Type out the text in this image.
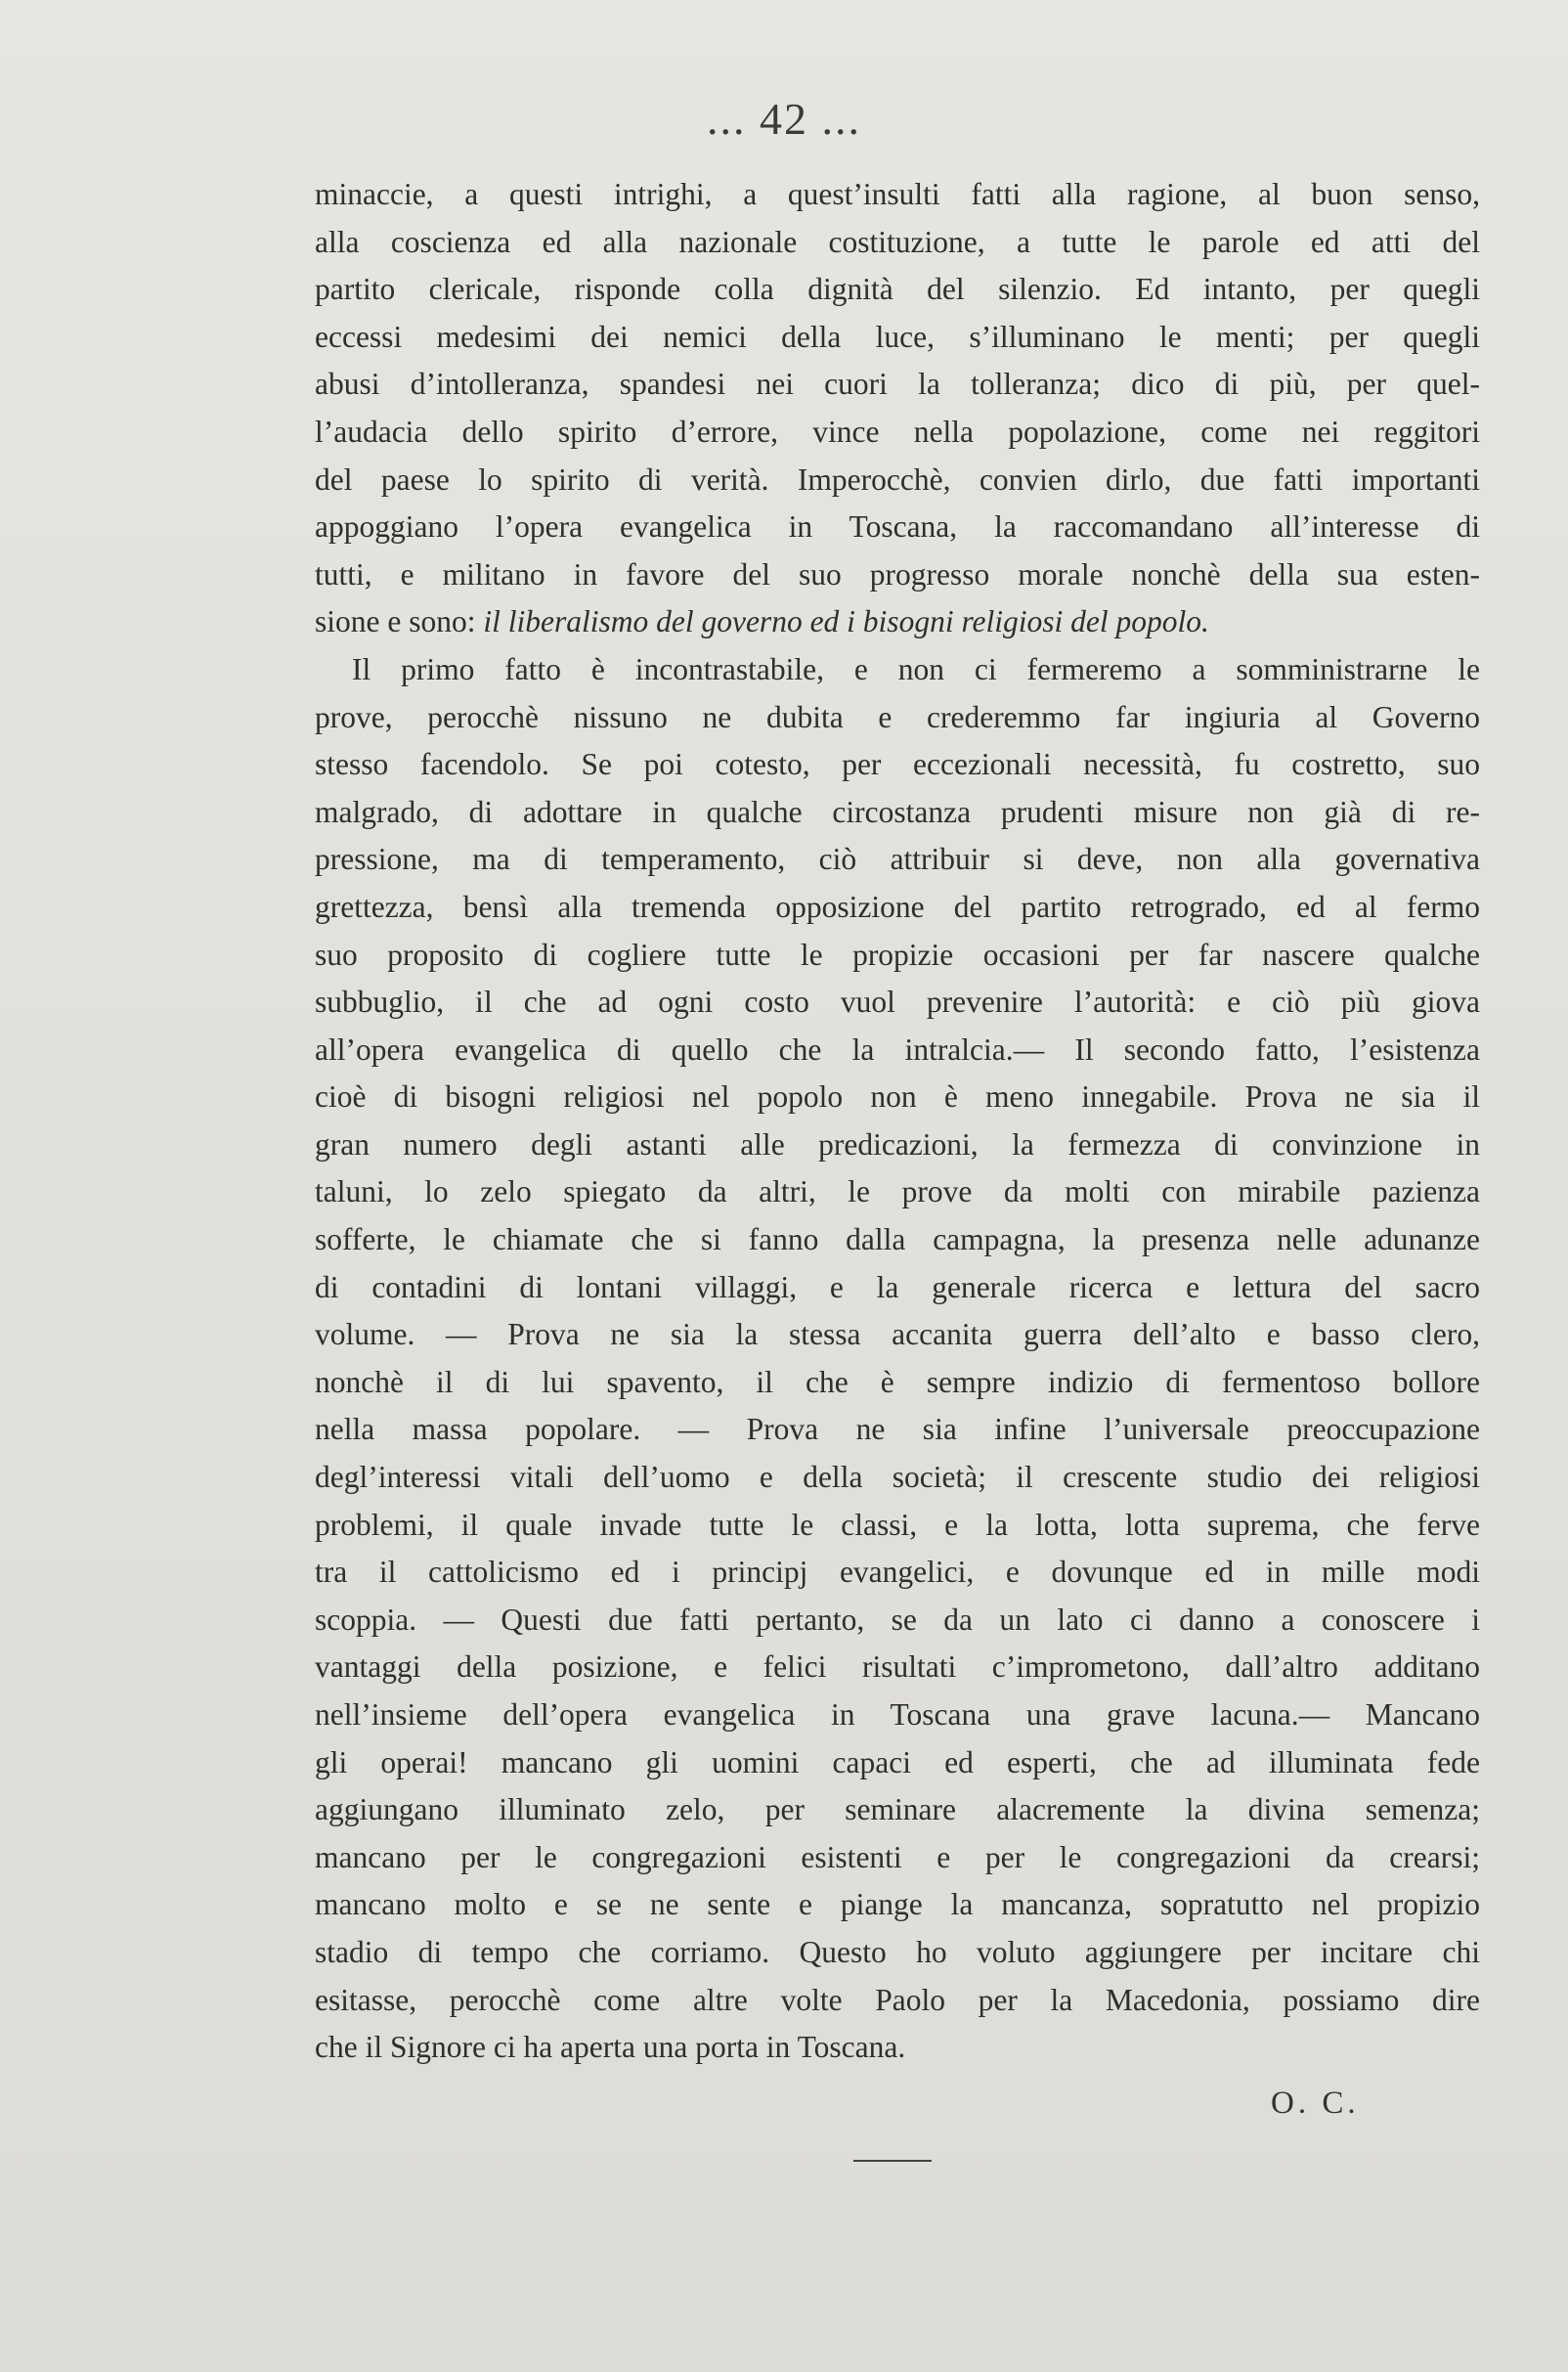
... 42 ...
minaccie, a questi intrighi, a quest’insulti fatti alla ragione, al buon senso,
alla coscienza ed alla nazionale costituzione, a tutte le parole ed atti del
partito clericale, risponde colla dignità del silenzio. Ed intanto, per quegli
eccessi medesimi dei nemici della luce, s’illuminano le menti; per quegli
abusi d’intolleranza, spandesi nei cuori la tolleranza; dico di più, per quel-
l’audacia dello spirito d’errore, vince nella popolazione, come nei reggitori
del paese lo spirito di verità. Imperocchè, convien dirlo, due fatti importanti
appoggiano l’opera evangelica in Toscana, la raccomandano all’interesse di
tutti, e militano in favore del suo progresso morale nonchè della sua esten-
sione e sono: il liberalismo del governo ed i bisogni religiosi del popolo.
Il primo fatto è incontrastabile, e non ci fermeremo a somministrarne le
prove, perocchè nissuno ne dubita e crederemmo far ingiuria al Governo
stesso facendolo. Se poi cotesto, per eccezionali necessità, fu costretto, suo
malgrado, di adottare in qualche circostanza prudenti misure non già di re-
pressione, ma di temperamento, ciò attribuir si deve, non alla governativa
grettezza, bensì alla tremenda opposizione del partito retrogrado, ed al fermo
suo proposito di cogliere tutte le propizie occasioni per far nascere qualche
subbuglio, il che ad ogni costo vuol prevenire l’autorità: e ciò più giova
all’opera evangelica di quello che la intralcia.— Il secondo fatto, l’esistenza
cioè di bisogni religiosi nel popolo non è meno innegabile. Prova ne sia il
gran numero degli astanti alle predicazioni, la fermezza di convinzione in
taluni, lo zelo spiegato da altri, le prove da molti con mirabile pazienza
sofferte, le chiamate che si fanno dalla campagna, la presenza nelle adunanze
di contadini di lontani villaggi, e la generale ricerca e lettura del sacro
volume. — Prova ne sia la stessa accanita guerra dell’alto e basso clero,
nonchè il di lui spavento, il che è sempre indizio di fermentoso bollore
nella massa popolare. — Prova ne sia infine l’universale preoccupazione
degl’interessi vitali dell’uomo e della società; il crescente studio dei religiosi
problemi, il quale invade tutte le classi, e la lotta, lotta suprema, che ferve
tra il cattolicismo ed i principj evangelici, e dovunque ed in mille modi
scoppia. — Questi due fatti pertanto, se da un lato ci danno a conoscere i
vantaggi della posizione, e felici risultati c’imprometono, dall’altro additano
nell’insieme dell’opera evangelica in Toscana una grave lacuna.— Mancano
gli operai! mancano gli uomini capaci ed esperti, che ad illuminata fede
aggiungano illuminato zelo, per seminare alacremente la divina semenza;
mancano per le congregazioni esistenti e per le congregazioni da crearsi;
mancano molto e se ne sente e piange la mancanza, sopratutto nel propizio
stadio di tempo che corriamo. Questo ho voluto aggiungere per incitare chi
esitasse, perocchè come altre volte Paolo per la Macedonia, possiamo dire
che il Signore ci ha aperta una porta in Toscana.
O. C.
